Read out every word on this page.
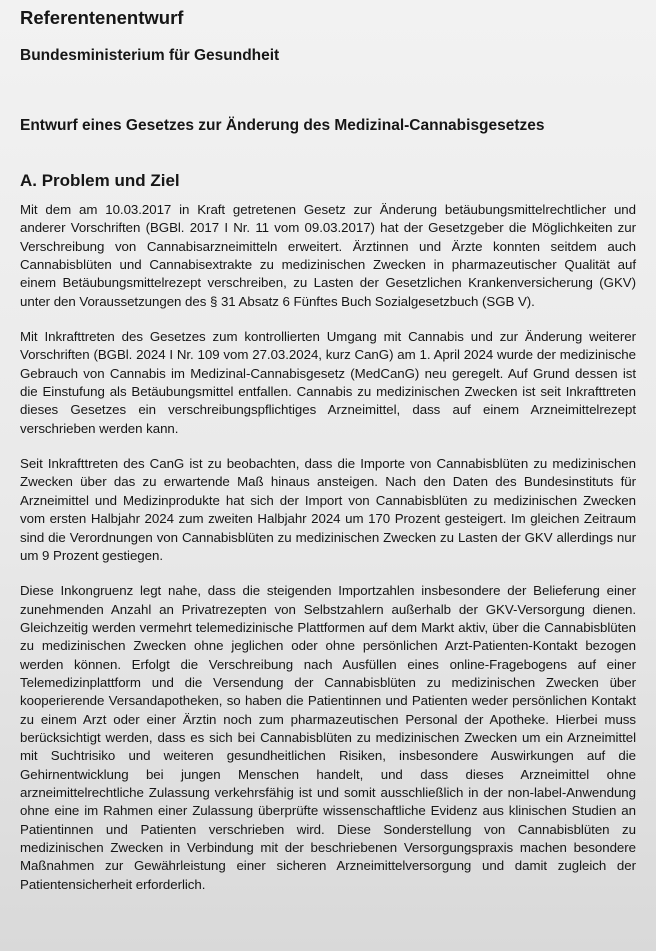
Referentenentwurf
Bundesministerium für Gesundheit
Entwurf eines Gesetzes zur Änderung des Medizinal-Cannabisgesetzes
A. Problem und Ziel

Mit dem am 10.03.2017 in Kraft getretenen Gesetz zur Änderung betäubungsmittelrechtlicher und anderer Vorschriften (BGBl. 2017 I Nr. 11 vom 09.03.2017) hat der Gesetzgeber die Möglichkeiten zur Verschreibung von Cannabisarzneimitteln erweitert. Ärztinnen und Ärzte konnten seitdem auch Cannabisblüten und Cannabisextrakte zu medizinischen Zwecken in pharmazeutischer Qualität auf einem Betäubungsmittelrezept verschreiben, zu Lasten der Gesetzlichen Krankenversicherung (GKV) unter den Voraussetzungen des § 31 Absatz 6 Fünftes Buch Sozialgesetzbuch (SGB V).

Mit Inkrafttreten des Gesetzes zum kontrollierten Umgang mit Cannabis und zur Änderung weiterer Vorschriften (BGBl. 2024 I Nr. 109 vom 27.03.2024, kurz CanG) am 1. April 2024 wurde der medizinische Gebrauch von Cannabis im Medizinal-Cannabisgesetz (MedCanG) neu geregelt. Auf Grund dessen ist die Einstufung als Betäubungsmittel entfallen. Cannabis zu medizinischen Zwecken ist seit Inkrafttreten dieses Gesetzes ein verschreibungspflichtiges Arzneimittel, dass auf einem Arzneimittelrezept verschrieben werden kann.

Seit Inkrafttreten des CanG ist zu beobachten, dass die Importe von Cannabisblüten zu medizinischen Zwecken über das zu erwartende Maß hinaus ansteigen. Nach den Daten des Bundesinstituts für Arzneimittel und Medizinprodukte hat sich der Import von Cannabisblüten zu medizinischen Zwecken vom ersten Halbjahr 2024 zum zweiten Halbjahr 2024 um 170 Prozent gesteigert. Im gleichen Zeitraum sind die Verordnungen von Cannabisblüten zu medizinischen Zwecken zu Lasten der GKV allerdings nur um 9 Prozent gestiegen.

Diese Inkongruenz legt nahe, dass die steigenden Importzahlen insbesondere der Belieferung einer zunehmenden Anzahl an Privatrezepten von Selbstzahlern außerhalb der GKV-Versorgung dienen. Gleichzeitig werden vermehrt telemedizinische Plattformen auf dem Markt aktiv, über die Cannabisblüten zu medizinischen Zwecken ohne jeglichen oder ohne persönlichen Arzt-Patienten-Kontakt bezogen werden können. Erfolgt die Verschreibung nach Ausfüllen eines online-Fragebogens auf einer Telemedizinplattform und die Versendung der Cannabisblüten zu medizinischen Zwecken über kooperierende Versandapotheken, so haben die Patientinnen und Patienten weder persönlichen Kontakt zu einem Arzt oder einer Ärztin noch zum pharmazeutischen Personal der Apotheke. Hierbei muss berücksichtigt werden, dass es sich bei Cannabisblüten zu medizinischen Zwecken um ein Arzneimittel mit Suchtrisiko und weiteren gesundheitlichen Risiken, insbesondere Auswirkungen auf die Gehirnentwicklung bei jungen Menschen handelt, und dass dieses Arzneimittel ohne arzneimittelrechtliche Zulassung verkehrsfähig ist und somit ausschließlich in der non-label-Anwendung ohne eine im Rahmen einer Zulassung überprüfte wissenschaftliche Evidenz aus klinischen Studien an Patientinnen und Patienten verschrieben wird. Diese Sonderstellung von Cannabisblüten zu medizinischen Zwecken in Verbindung mit der beschriebenen Versorgungspraxis machen besondere Maßnahmen zur Gewährleistung einer sicheren Arzneimittelversorgung und damit zugleich der Patientensicherheit erforderlich.
